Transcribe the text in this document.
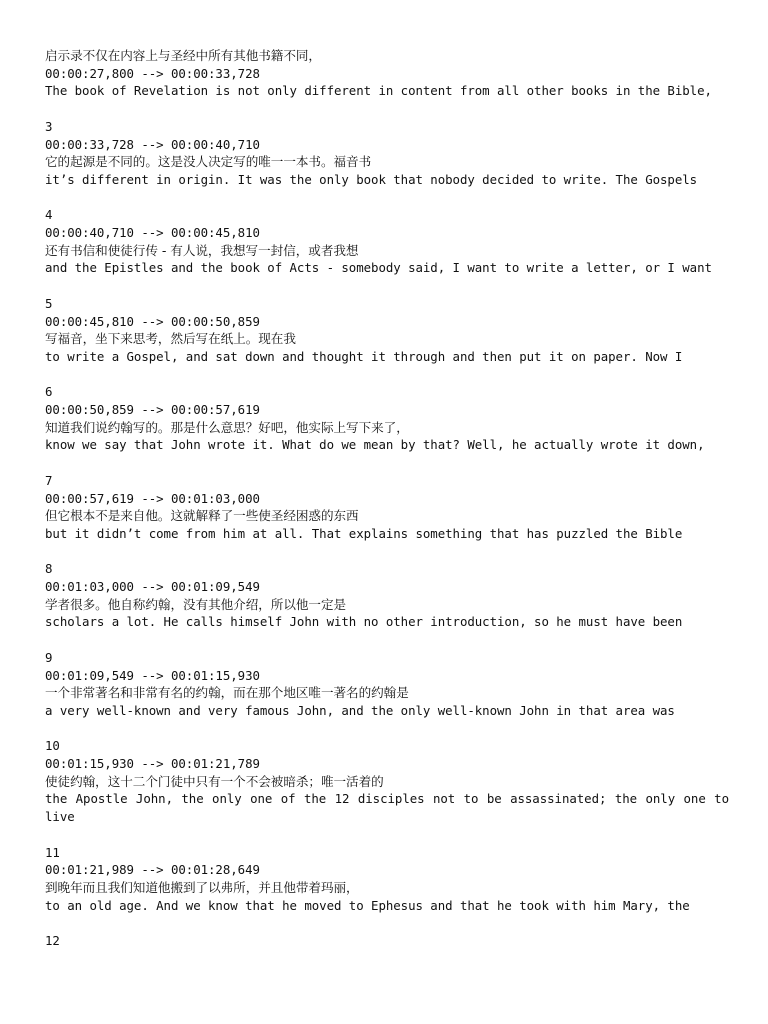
启示录不仅在内容上与圣经中所有其他书籍不同，
00:00:27,800 --> 00:00:33,728
The book of Revelation is not only different in content from all other books in the Bible,
3
00:00:33,728 --> 00:00:40,710
它的起源是不同的。这是没人决定写的唯一一本书。福音书
it’s different in origin. It was the only book that nobody decided to write. The Gospels
4
00:00:40,710 --> 00:00:45,810
还有书信和使徒行传 - 有人说，我想写一封信，或者我想
and the Epistles and the book of Acts - somebody said, I want to write a letter, or I want
5
00:00:45,810 --> 00:00:50,859
写福音，坐下来思考，然后写在纸上。现在我
to write a Gospel, and sat down and thought it through and then put it on paper. Now I
6
00:00:50,859 --> 00:00:57,619
知道我们说约翰写的。那是什么意思？好吧，他实际上写下来了，
know we say that John wrote it. What do we mean by that? Well, he actually wrote it down,
7
00:00:57,619 --> 00:01:03,000
但它根本不是来自他。这就解释了一些使圣经困惑的东西
but it didn’t come from him at all. That explains something that has puzzled the Bible
8
00:01:03,000 --> 00:01:09,549
学者很多。他自称约翰，没有其他介绍，所以他一定是
scholars a lot. He calls himself John with no other introduction, so he must have been
9
00:01:09,549 --> 00:01:15,930
一个非常著名和非常有名的约翰，而在那个地区唯一著名的约翰是
a very well-known and very famous John, and the only well-known John in that area was
10
00:01:15,930 --> 00:01:21,789
使徒约翰，这十二个门徒中只有一个不会被暗杀；唯一活着的
the Apostle John, the only one of the 12 disciples not to be assassinated; the only one to live
11
00:01:21,989 --> 00:01:28,649
到晚年而且我们知道他搬到了以弗所，并且他带着玛丽，
to an old age. And we know that he moved to Ephesus and that he took with him Mary, the
12
